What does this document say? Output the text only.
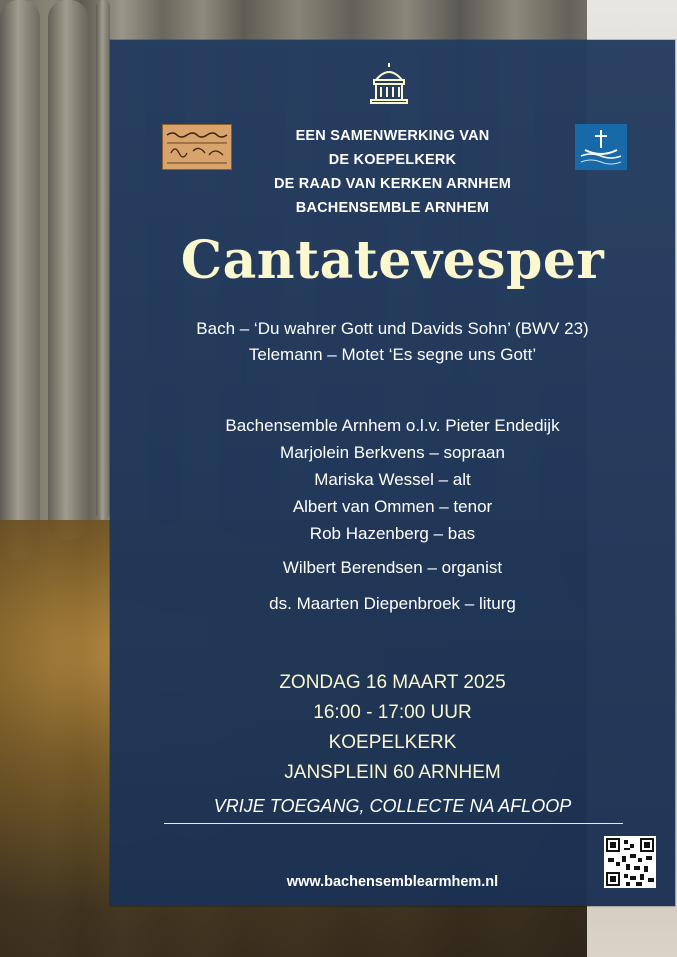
EEN SAMENWERKING VAN
DE KOEPELKERK
DE RAAD VAN KERKEN ARNHEM
BACHENSEMBLE ARNHEM
Cantatevesper
Bach – ‘Du wahrer Gott und Davids Sohn’ (BWV 23)
Telemann – Motet ‘Es segne uns Gott’
Bachensemble Arnhem o.l.v. Pieter Endedijk
Marjolein Berkvens – sopraan
Mariska Wessel – alt
Albert van Ommen – tenor
Rob Hazenberg – bas
Wilbert Berendsen – organist
ds. Maarten Diepenbroek – liturg
ZONDAG 16 MAART 2025
16:00 - 17:00 UUR
KOEPELKERK
JANSPLEIN 60 ARNHEM
VRIJE TOEGANG, COLLECTE NA AFLOOP
www.bachensemblearmhem.nl
